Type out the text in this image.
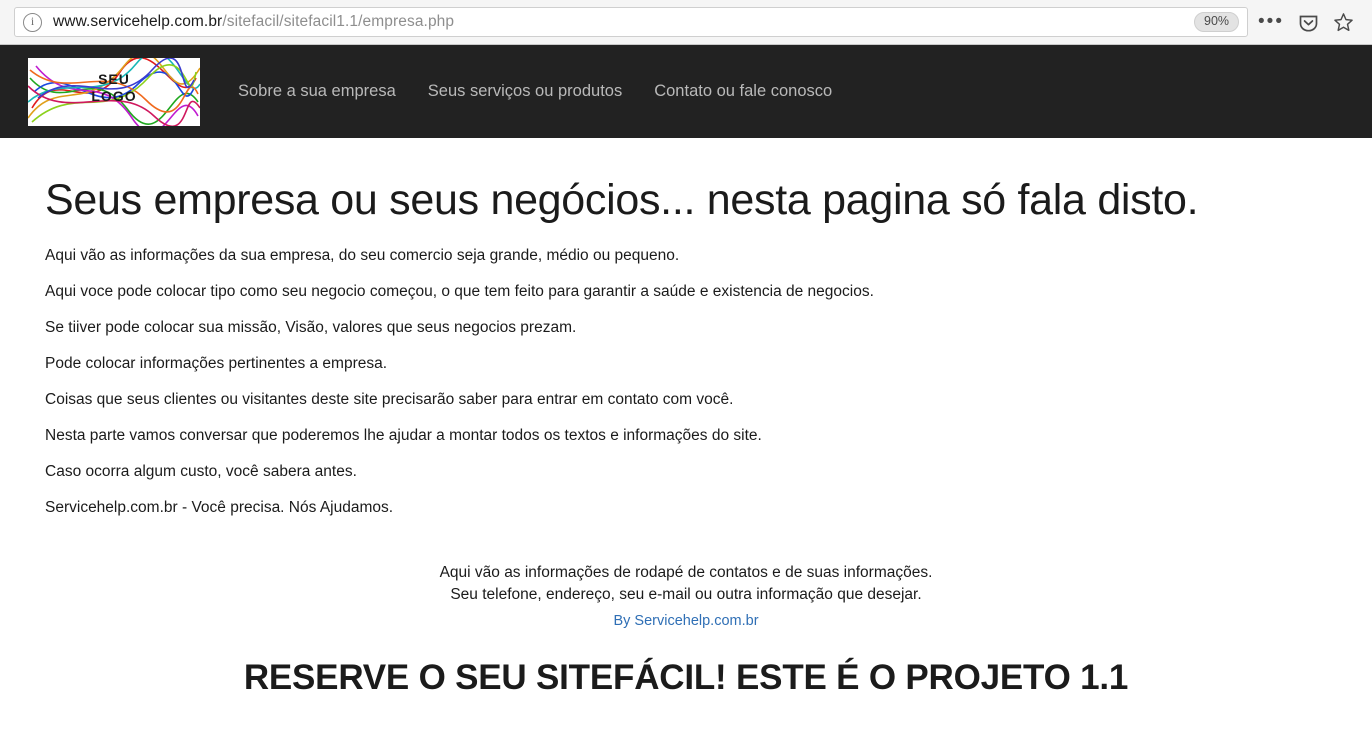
i	www.servicehelp.com.br/sitefacil/sitefacil1.1/empresa.php	90%	•••
SEU
LOGO	Sobre a sua empresa	Seus serviços ou produtos	Contato ou fale conosco
Seus empresa ou seus negócios... nesta pagina só fala disto.

Aqui vão as informações da sua empresa, do seu comercio seja grande, médio ou pequeno.

Aqui voce pode colocar tipo como seu negocio começou, o que tem feito para garantir a saúde e existencia de negocios.

Se tiiver pode colocar sua missão, Visão, valores que seus negocios prezam.

Pode colocar informações pertinentes a empresa.

Coisas que seus clientes ou visitantes deste site precisarão saber para entrar em contato com você.

Nesta parte vamos conversar que poderemos lhe ajudar a montar todos os textos e informações do site.

Caso ocorra algum custo, você sabera antes.

Servicehelp.com.br - Você precisa. Nós Ajudamos.

Aqui vão as informações de rodapé de contatos e de suas informações.
Seu telefone, endereço, seu e-mail ou outra informação que desejar.
By Servicehelp.com.br
RESERVE O SEU SITEFÁCIL! ESTE É O PROJETO 1.1
